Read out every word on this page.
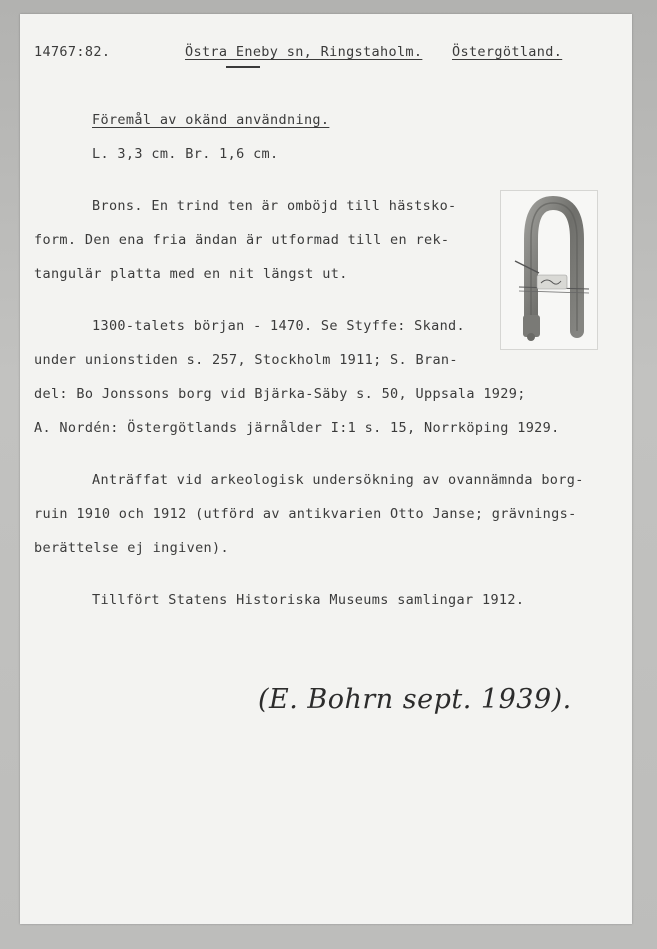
14767:82.	Östra Eneby sn, Ringstaholm. Östergötland.
Föremål av okänd användning.
L. 3,3 cm. Br. 1,6 cm.
Brons. En trind ten är omböjd till hästsko-
form. Den ena fria ändan är utformad till en rek-
tangulär platta med en nit längst ut.
1300-talets början - 1470. Se Styffe: Skand.
under unionstiden s. 257, Stockholm 1911; S. Bran-
del: Bo Jonssons borg vid Bjärka-Säby s. 50, Uppsala 1929;
A. Nordén: Östergötlands järnålder I:1 s. 15, Norrköping 1929.
Anträffat vid arkeologisk undersökning av ovannämnda borg-
ruin 1910 och 1912 (utförd av antikvarien Otto Janse; grävnings-
berättelse ej ingiven).
Tillfört Statens Historiska Museums samlingar 1912.
(E. Bohrn sept. 1939).
